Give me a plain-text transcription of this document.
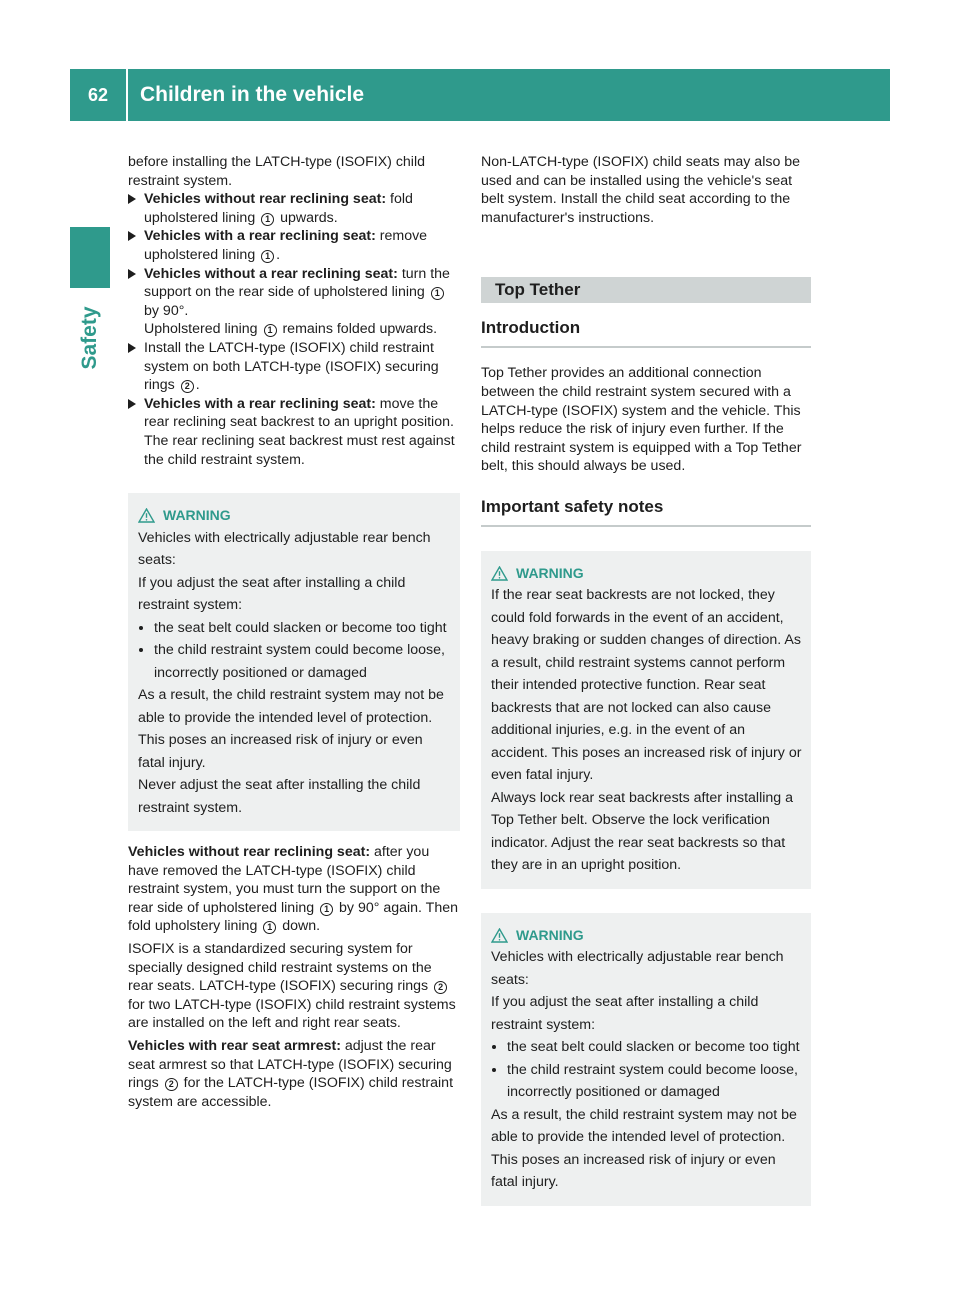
62	Children in the vehicle
Safety

before installing the LATCH-type (ISOFIX) child restraint system.

Vehicles without rear reclining seat: fold upholstered lining 1 upwards.
Vehicles with a rear reclining seat: remove upholstered lining 1 .
Vehicles without a rear reclining seat: turn the support on the rear side of upholstered lining 1 by 90°.
Upholstered lining 1 remains folded upwards.
Install the LATCH-type (ISOFIX) child restraint system on both LATCH-type (ISOFIX) securing rings 2 .
Vehicles with a rear reclining seat: move the rear reclining seat backrest to an upright position. The rear reclining seat backrest must rest against the child restraint system.
WARNING

Vehicles with electrically adjustable rear bench seats:

If you adjust the seat after installing a child restraint system:

the seat belt could slacken or become too tight

the child restraint system could become loose, incorrectly positioned or damaged

As a result, the child restraint system may not be able to provide the intended level of protection. This poses an increased risk of injury or even fatal injury.

Never adjust the seat after installing the child restraint system.

Vehicles without rear reclining seat: after you have removed the LATCH-type (ISOFIX) child restraint system, you must turn the support on the rear side of upholstered lining 1 by 90° again. Then fold upholstery lining 1 down.

ISOFIX is a standardized securing system for specially designed child restraint systems on the rear seats. LATCH-type (ISOFIX) securing rings 2 for two LATCH-type (ISOFIX) child restraint systems are installed on the left and right rear seats.

Vehicles with rear seat armrest: adjust the rear seat armrest so that LATCH-type (ISOFIX) securing rings 2 for the LATCH-type (ISOFIX) child restraint system are accessible.

Non-LATCH-type (ISOFIX) child seats may also be used and can be installed using the vehicle's seat belt system. Install the child seat according to the manufacturer's instructions.

Top Tether
Introduction

Top Tether provides an additional connection between the child restraint system secured with a LATCH-type (ISOFIX) system and the vehicle. This helps reduce the risk of injury even further. If the child restraint system is equipped with a Top Tether belt, this should always be used.

Important safety notes
WARNING

If the rear seat backrests are not locked, they could fold forwards in the event of an accident, heavy braking or sudden changes of direction. As a result, child restraint systems cannot perform their intended protective function. Rear seat backrests that are not locked can also cause additional injuries, e.g. in the event of an accident. This poses an increased risk of injury or even fatal injury.

Always lock rear seat backrests after installing a Top Tether belt. Observe the lock verification indicator. Adjust the rear seat backrests so that they are in an upright position.

WARNING

Vehicles with electrically adjustable rear bench seats:

If you adjust the seat after installing a child restraint system:

the seat belt could slacken or become too tight

the child restraint system could become loose, incorrectly positioned or damaged

As a result, the child restraint system may not be able to provide the intended level of protection. This poses an increased risk of injury or even fatal injury.
